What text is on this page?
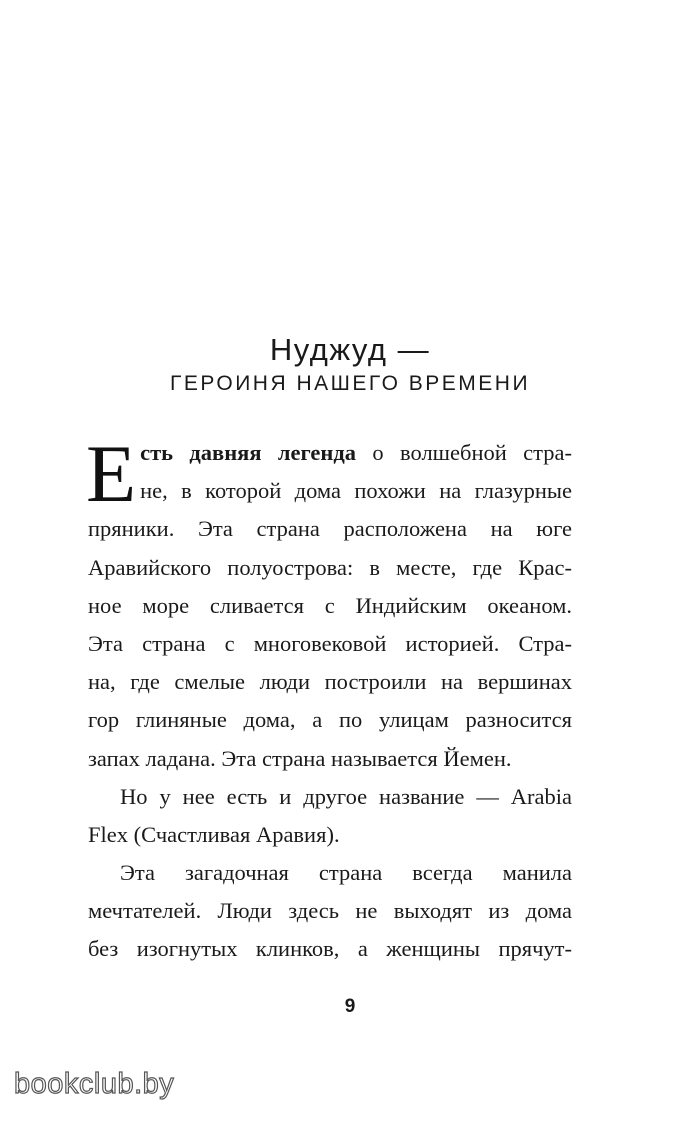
Нуджуд —
ГЕРОИНЯ НАШЕГО ВРЕМЕНИ
Е сть давняя легенда о волшебной стра-
не, в которой дома похожи на глазурные
пряники. Эта страна расположена на юге
Аравийского полуострова: в месте, где Крас-
ное море сливается с Индийским океаном.
Эта страна с многовековой историей. Стра-
на, где смелые люди построили на вершинах
гор глиняные дома, а по улицам разносится
запах ладана. Эта страна называется Йемен.
Но у нее есть и другое название — Arabia
Flex (Счастливая Аравия).
Эта загадочная страна всегда манила
мечтателей. Люди здесь не выходят из дома
без изогнутых клинков, а женщины прячут-
9
bookclub.by
